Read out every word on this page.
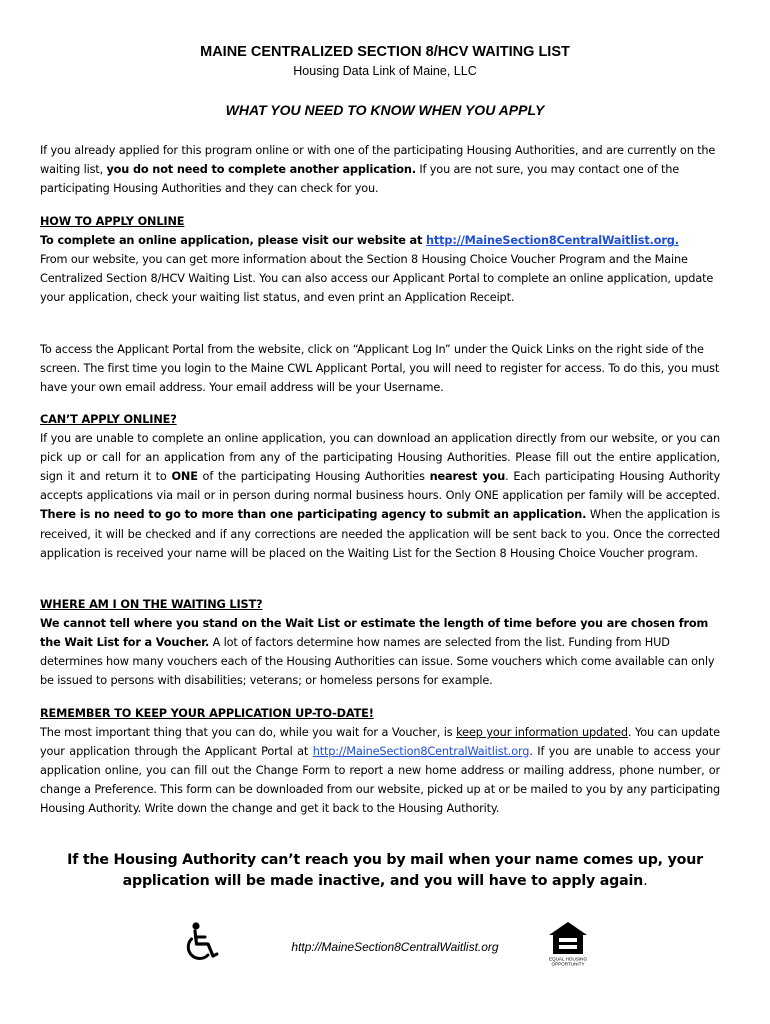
MAINE CENTRALIZED SECTION 8/HCV WAITING LIST
Housing Data Link of Maine, LLC
WHAT YOU NEED TO KNOW WHEN YOU APPLY
If you already applied for this program online or with one of the participating Housing Authorities, and are currently on the waiting list, you do not need to complete another application. If you are not sure, you may contact one of the participating Housing Authorities and they can check for you.
HOW TO APPLY ONLINE
To complete an online application, please visit our website at http://MaineSection8CentralWaitlist.org.
From our website, you can get more information about the Section 8 Housing Choice Voucher Program and the Maine Centralized Section 8/HCV Waiting List. You can also access our Applicant Portal to complete an online application, update your application, check your waiting list status, and even print an Application Receipt.
To access the Applicant Portal from the website, click on “Applicant Log In” under the Quick Links on the right side of the screen. The first time you login to the Maine CWL Applicant Portal, you will need to register for access. To do this, you must have your own email address. Your email address will be your Username.
CAN’T APPLY ONLINE?
If you are unable to complete an online application, you can download an application directly from our website, or you can pick up or call for an application from any of the participating Housing Authorities. Please fill out the entire application, sign it and return it to ONE of the participating Housing Authorities nearest you. Each participating Housing Authority accepts applications via mail or in person during normal business hours. Only ONE application per family will be accepted. There is no need to go to more than one participating agency to submit an application. When the application is received, it will be checked and if any corrections are needed the application will be sent back to you. Once the corrected application is received your name will be placed on the Waiting List for the Section 8 Housing Choice Voucher program.
WHERE AM I ON THE WAITING LIST?
We cannot tell where you stand on the Wait List or estimate the length of time before you are chosen from the Wait List for a Voucher. A lot of factors determine how names are selected from the list. Funding from HUD determines how many vouchers each of the Housing Authorities can issue. Some vouchers which come available can only be issued to persons with disabilities; veterans; or homeless persons for example.
REMEMBER TO KEEP YOUR APPLICATION UP-TO-DATE!
The most important thing that you can do, while you wait for a Voucher, is keep your information updated. You can update your application through the Applicant Portal at http://MaineSection8CentralWaitlist.org. If you are unable to access your application online, you can fill out the Change Form to report a new home address or mailing address, phone number, or change a Preference. This form can be downloaded from our website, picked up at or be mailed to you by any participating Housing Authority. Write down the change and get it back to the Housing Authority.
If the Housing Authority can’t reach you by mail when your name comes up, your application will be made inactive, and you will have to apply again.
http://MaineSection8CentralWaitlist.org
EQUAL HOUSING
OPPORTUNITY
